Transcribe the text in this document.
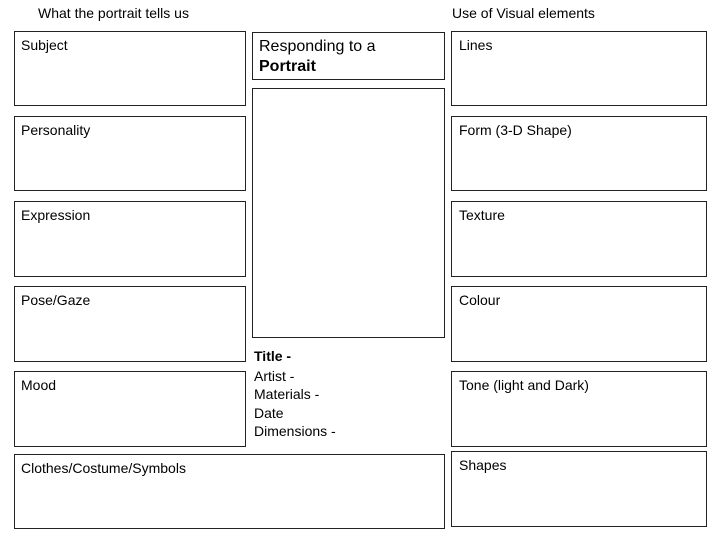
What the portrait tells us	Use of Visual elements
Subject
Personality
Expression
Pose/Gaze
Mood
Clothes/Costume/Symbols
Responding to a
Portrait
Title -
Artist -
Materials -
Date
Dimensions -
Lines
Form (3-D Shape)
Texture
Colour
Tone (light and Dark)
Shapes
